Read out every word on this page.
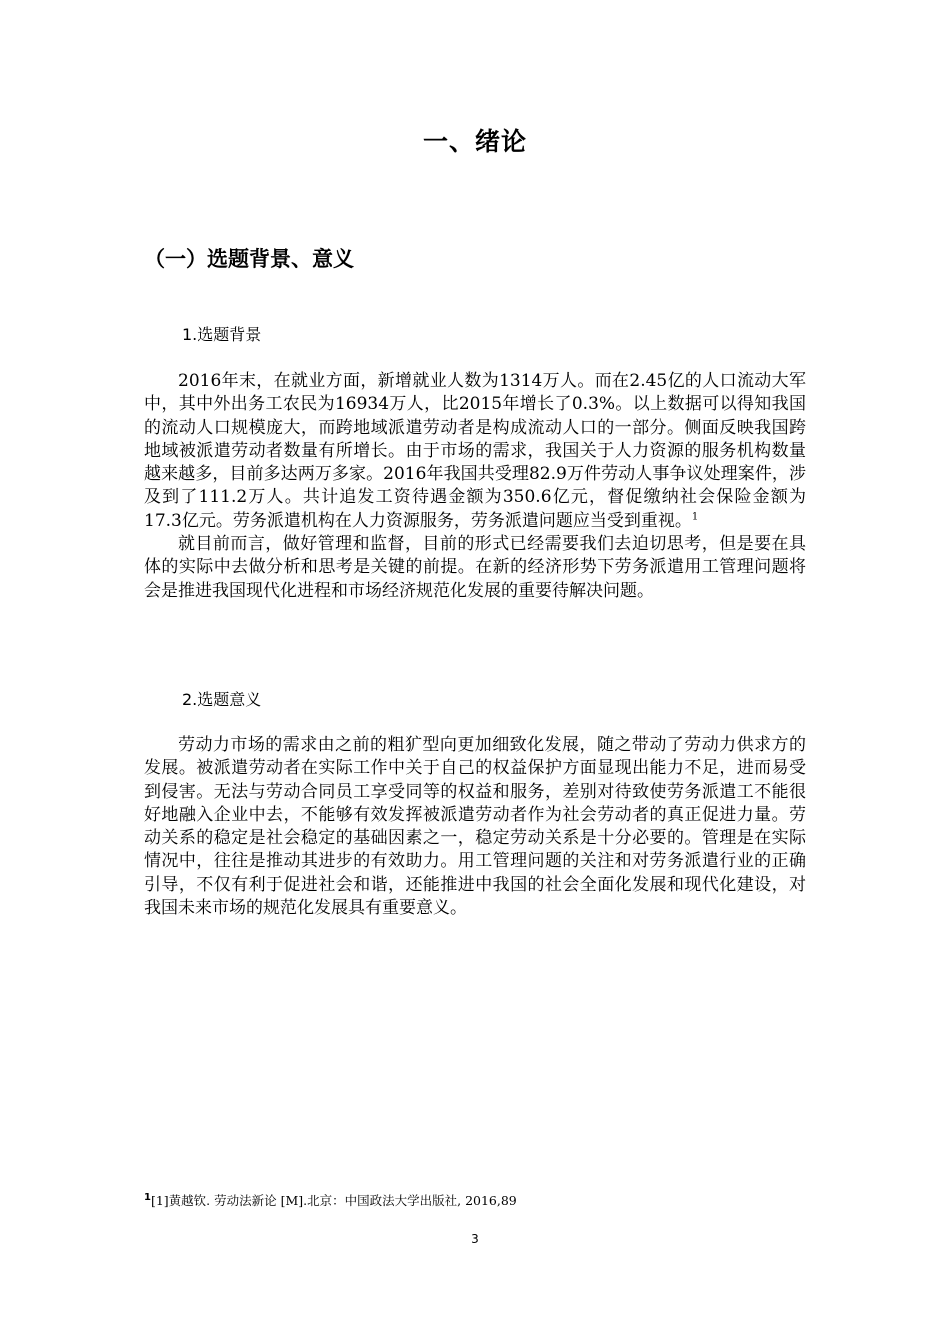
一、绪论
（一）选题背景、意义
1.选题背景

2016年末，在就业方面，新增就业人数为1314万人。而在2.45亿的人口流动大军中，其中外出务工农民为16934万人，比2015年增长了0.3%。以上数据可以得知我国的流动人口规模庞大，而跨地域派遣劳动者是构成流动人口的一部分。侧面反映我国跨地域被派遣劳动者数量有所增长。由于市场的需求，我国关于人力资源的服务机构数量越来越多，目前多达两万多家。2016年我国共受理82.9万件劳动人事争议处理案件，涉及到了111.2万人。共计追发工资待遇金额为350.6亿元，督促缴纳社会保险金额为17.3亿元。劳务派遣机构在人力资源服务，劳务派遣问题应当受到重视。$^1$

就目前而言，做好管理和监督，目前的形式已经需要我们去迫切思考，但是要在具体的实际中去做分析和思考是关键的前提。在新的经济形势下劳务派遣用工管理问题将会是推进我国现代化进程和市场经济规范化发展的重要待解决问题。

2.选题意义

劳动力市场的需求由之前的粗犷型向更加细致化发展，随之带动了劳动力供求方的发展。被派遣劳动者在实际工作中关于自己的权益保护方面显现出能力不足，进而易受到侵害。无法与劳动合同员工享受同等的权益和服务，差别对待致使劳务派遣工不能很好地融入企业中去，不能够有效发挥被派遣劳动者作为社会劳动者的真正促进力量。劳动关系的稳定是社会稳定的基础因素之一，稳定劳动关系是十分必要的。管理是在实际情况中，往往是推动其进步的有效助力。用工管理问题的关注和对劳务派遣行业的正确引导，不仅有利于促进社会和谐，还能推进中我国的社会全面化发展和现代化建设，对我国未来市场的规范化发展具有重要意义。

$^1$[1]黄越钦. 劳动法新论 [M].北京：中国政法大学出版社, 2016,89
3
